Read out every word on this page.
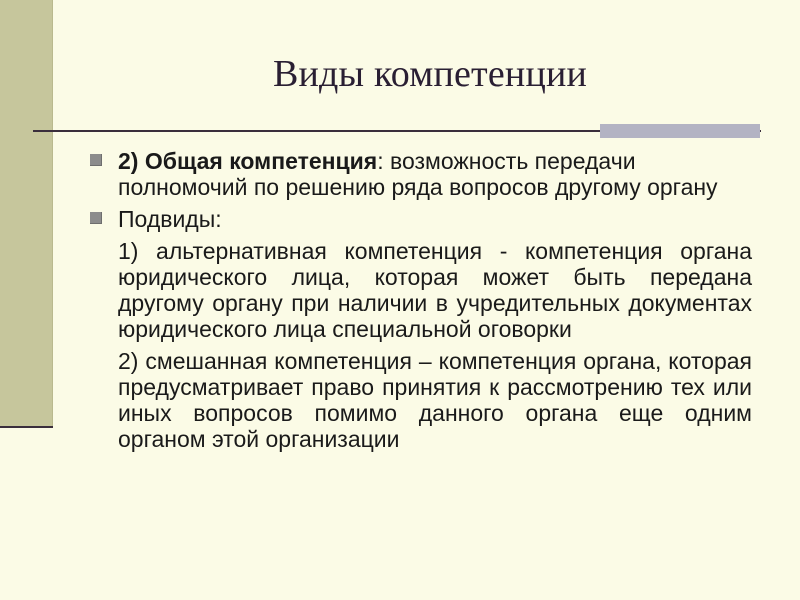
Виды компетенции
2) Общая компетенция: возможность передачи полномочий по решению ряда вопросов другому органу
Подвиды:
1) альтернативная компетенция - компетенция органа юридического лица, которая может быть передана другому органу при наличии в учредительных документах юридического лица специальной оговорки
2) смешанная компетенция – компетенция органа, которая предусматривает право принятия к рассмотрению тех или иных вопросов помимо данного органа еще одним органом этой организации
